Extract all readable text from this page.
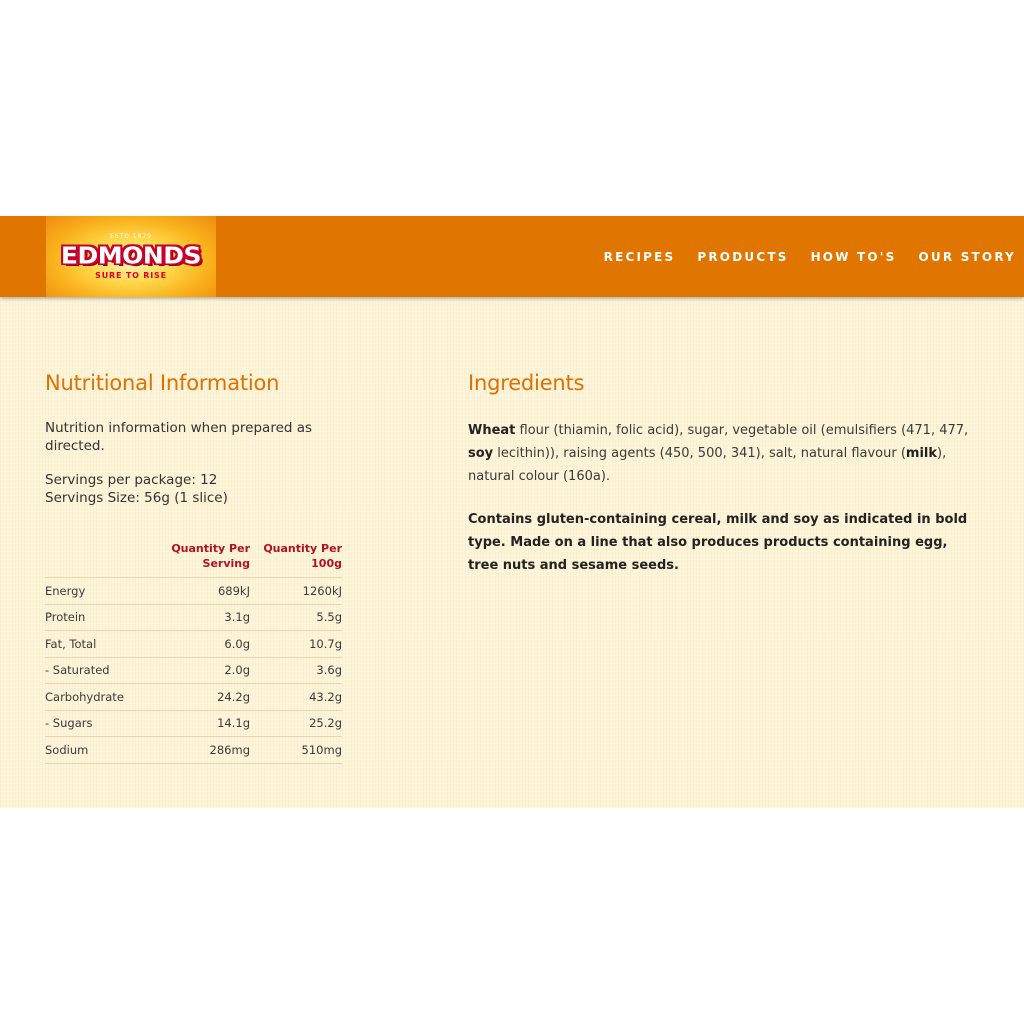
ESTD 1879
EDMONDS
SURE TO RISE
RECIPES PRODUCTS HOW TO'S OUR STORY
Nutritional Information

Nutrition information when prepared as directed.

Servings per package: 12
Servings Size: 56g (1 slice)
	Quantity Per Serving	Quantity Per 100g
Energy	689kJ	1260kJ
Protein	3.1g	5.5g
Fat, Total	6.0g	10.7g
- Saturated	2.0g	3.6g
Carbohydrate	24.2g	43.2g
- Sugars	14.1g	25.2g
Sodium	286mg	510mg
Ingredients

Wheat flour (thiamin, folic acid), sugar, vegetable oil (emulsifiers (471, 477, soy lecithin)), raising agents (450, 500, 341), salt, natural flavour (milk), natural colour (160a).

Contains gluten-containing cereal, milk and soy as indicated in bold type. Made on a line that also produces products containing egg, tree nuts and sesame seeds.
